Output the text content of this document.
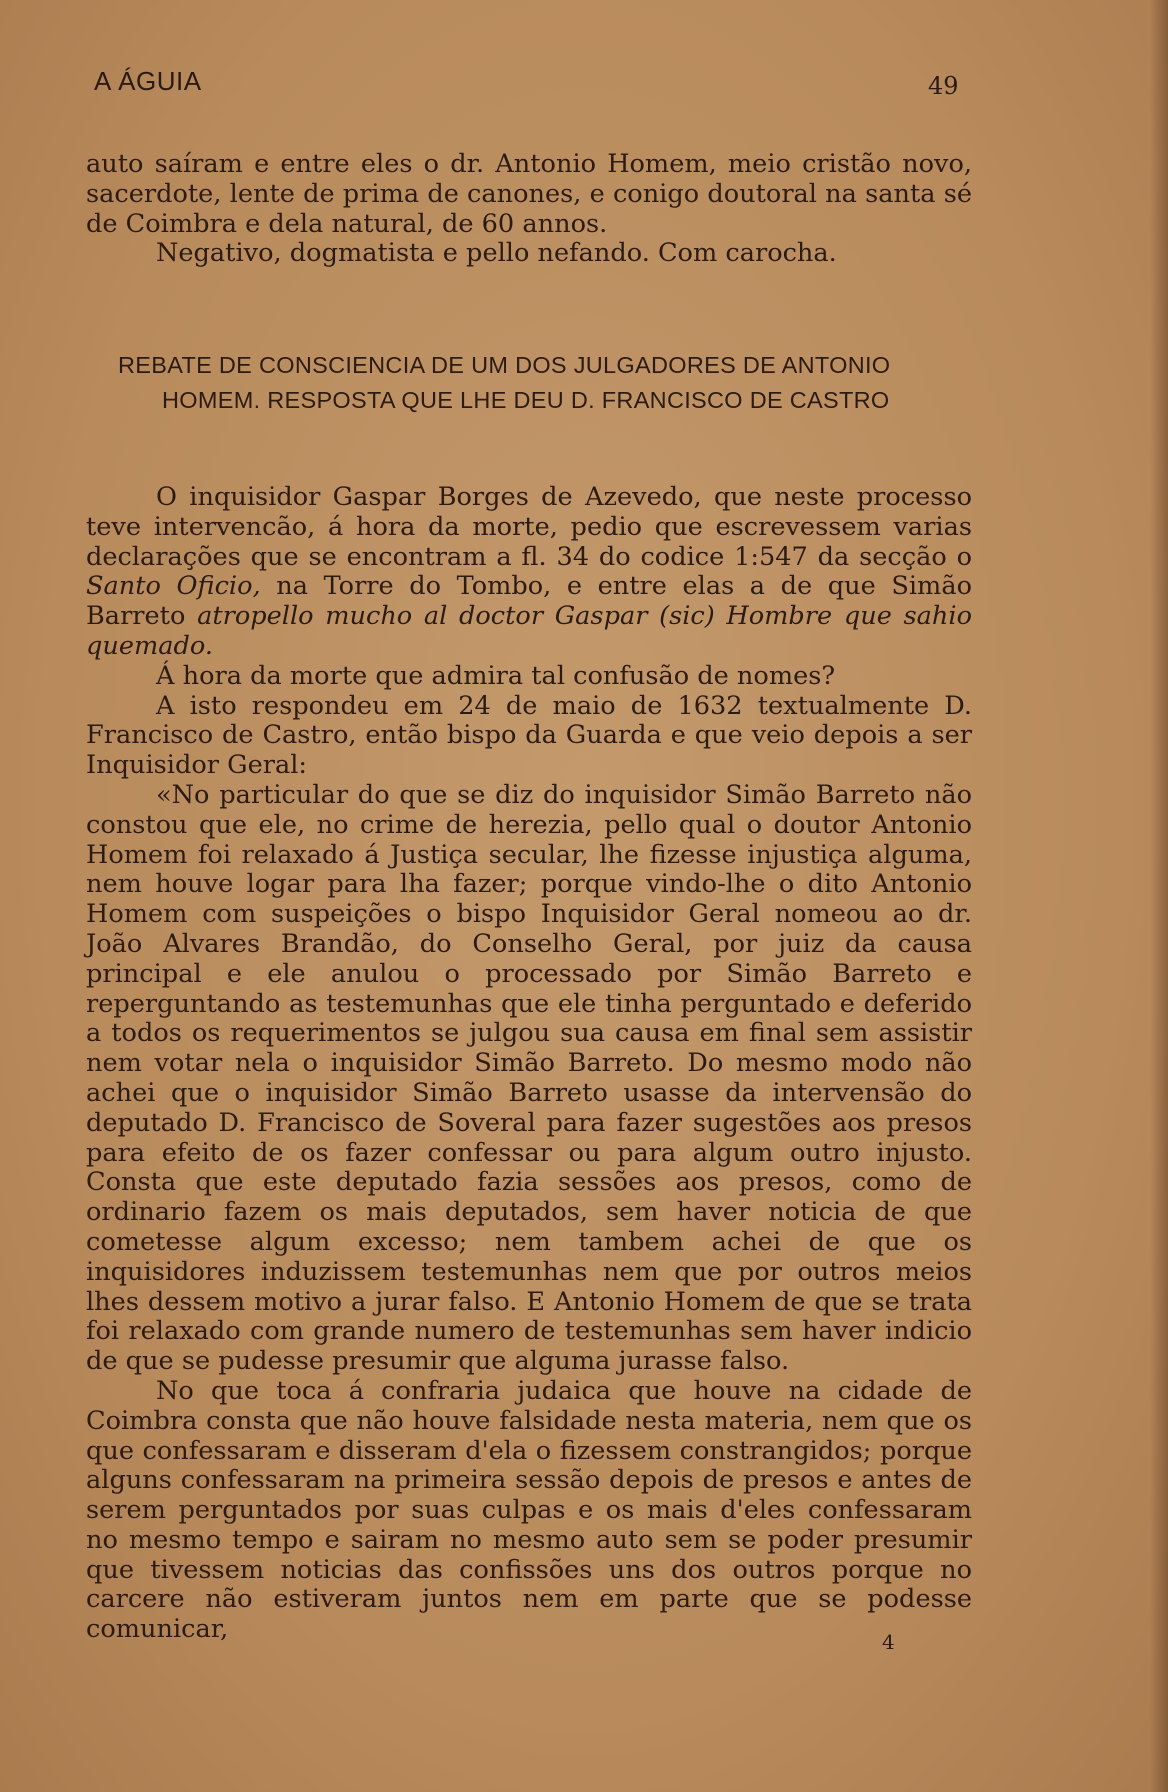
A ÁGUIA	49

auto saíram e entre eles o dr. Antonio Homem, meio cristão novo, sacerdote, lente de prima de canones, e conigo doutoral na santa sé de Coimbra e dela natural, de 60 annos.

Negativo, dogmatista e pello nefando. Com carocha.

REBATE DE CONSCIENCIA DE UM DOS JULGADORES DE ANTONIO
HOMEM. RESPOSTA QUE LHE DEU D. FRANCISCO DE CASTRO

O inquisidor Gaspar Borges de Azevedo, que neste processo teve intervencão, á hora da morte, pedio que escrevessem varias declarações que se encontram a fl. 34 do codice 1:547 da secção o Santo Oficio, na Torre do Tombo, e entre elas a de que Simão Barreto atropello mucho al doctor Gaspar (sic) Hombre que sahio quemado.

Á hora da morte que admira tal confusão de nomes?

A isto respondeu em 24 de maio de 1632 textualmente D. Francisco de Castro, então bispo da Guarda e que veio depois a ser Inquisidor Geral:

«No particular do que se diz do inquisidor Simão Barreto não constou que ele, no crime de herezia, pello qual o doutor Antonio Homem foi relaxado á Justiça secular, lhe fizesse injustiça alguma, nem houve logar para lha fazer; porque vindo-lhe o dito Antonio Homem com suspeições o bispo Inquisidor Geral nomeou ao dr. João Alvares Brandão, do Conselho Geral, por juiz da causa principal e ele anulou o processado por Simão Barreto e reperguntando as testemunhas que ele tinha perguntado e deferido a todos os requerimentos se julgou sua causa em final sem assistir nem votar nela o inquisidor Simão Barreto. Do mesmo modo não achei que o inquisidor Simão Barreto usasse da intervensão do deputado D. Francisco de Soveral para fazer sugestões aos presos para efeito de os fazer confessar ou para algum outro injusto. Consta que este deputado fazia sessões aos presos, como de ordinario fazem os mais deputados, sem haver noticia de que cometesse algum excesso; nem tambem achei de que os inquisidores induzissem testemunhas nem que por outros meios lhes dessem motivo a jurar falso. E Antonio Homem de que se trata foi relaxado com grande numero de testemunhas sem haver indicio de que se pudesse presumir que alguma jurasse falso.

No que toca á confraria judaica que houve na cidade de Coimbra consta que não houve falsidade nesta materia, nem que os que confessaram e disseram d'ela o fizessem constrangidos; porque alguns confessaram na primeira sessão depois de presos e antes de serem perguntados por suas culpas e os mais d'eles confessaram no mesmo tempo e sairam no mesmo auto sem se poder presumir que tivessem noticias das confissões uns dos outros porque no carcere não estiveram juntos nem em parte que se podesse comunicar,	4
